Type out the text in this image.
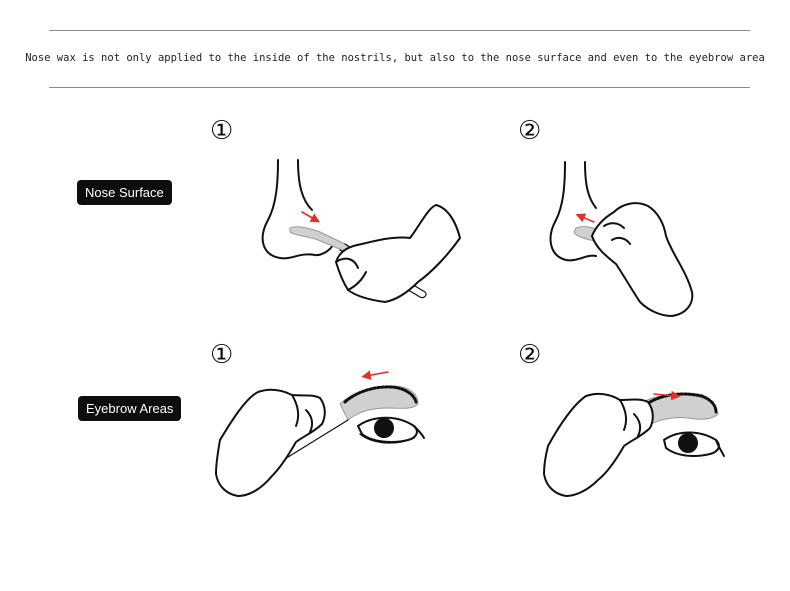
Nose wax is not only applied to the inside of the nostrils, but also to the nose surface and even to the eyebrow area
Nose Surface
Eyebrow Areas
①	②
①	②
